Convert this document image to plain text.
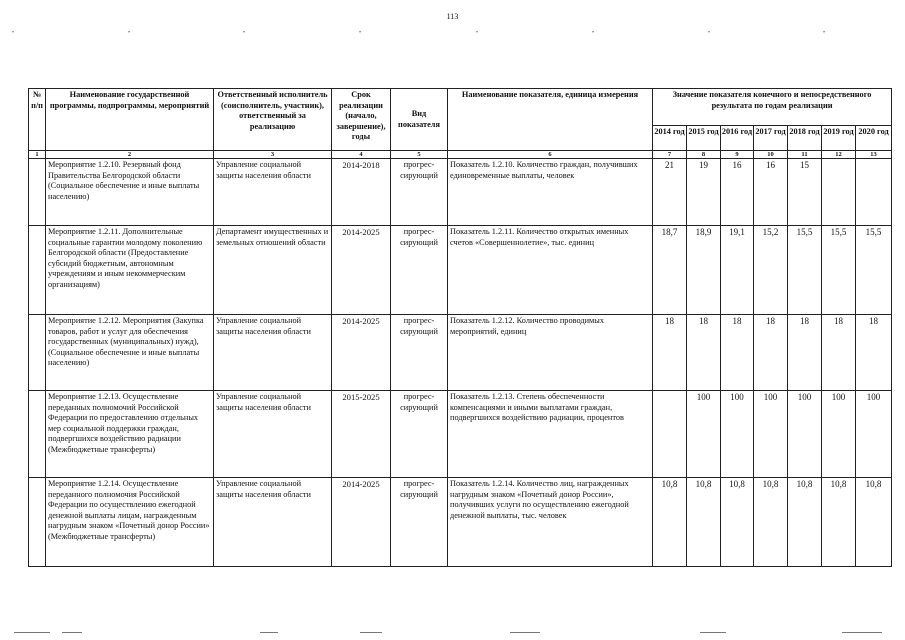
113
•	•	•	•	•	•	•	•
№ п/п	Наименование государственной программы, подпрограммы, мероприятий	Ответственный исполнитель (соисполнитель, участник), ответственный за реализацию	Срок реализации (начало, завершение), годы	Вид показателя	Наименование показателя, единица измерения	Значение показателя конечного и непосредственного результата по годам реализации						
						2014 год	2015 год	2016 год	2017 год	2018 год	2019 год	2020 год
1	2	3	4	5	6	7	8	9	10	11	12	13
	Мероприятие 1.2.10. Резервный фонд Правительства Белгородской области (Социальное обеспечение и иные выплаты населению)	Управление социальной защиты населения области	2014-2018	прогрес-сирующий	Показатель 1.2.10. Количество граждан, получивших единовременные выплаты, человек	21	19	16	16	15		
	Мероприятие 1.2.11. Дополнительные социальные гарантии молодому поколению Белгородской области (Предоставление субсидий бюджетным, автономным учреждениям и иным некоммерческим организациям)	Департамент имущественных и земельных отношений области	2014-2025	прогрес-сирующий	Показатель 1.2.11. Количество открытых именных счетов «Совершеннолетие», тыс. единиц	18,7	18,9	19,1	15,2	15,5	15,5	15,5
	Мероприятие 1.2.12. Мероприятия (Закупка товаров, работ и услуг для обеспечения государственных (муниципальных) нужд), (Социальное обеспечение и иные выплаты населению)	Управление социальной защиты населения области	2014-2025	прогрес-сирующий	Показатель 1.2.12. Количество проводимых мероприятий, единиц	18	18	18	18	18	18	18
	Мероприятие 1.2.13. Осуществление переданных полномочий Российской Федерации по предоставлению отдельных мер социальной поддержки граждан, подвергшихся воздействию радиации (Межбюджетные трансферты)	Управление социальной защиты населения области	2015-2025	прогрес-сирующий	Показатель 1.2.13. Степень обеспеченности компенсациями и иными выплатами граждан, подвергшихся воздействию радиации, процентов		100	100	100	100	100	100
	Мероприятие 1.2.14. Осуществление переданного полномочия Российской Федерации по осуществлению ежегодной денежной выплаты лицам, награжденным нагрудным знаком «Почетный донор России» (Межбюджетные трансферты)	Управление социальной защиты населения области	2014-2025	прогрес-сирующий	Показатель 1.2.14. Количество лиц, награжденных нагрудным знаком «Почетный донор России», получивших услуги по осуществлению ежегодной денежной выплаты, тыс. человек	10,8	10,8	10,8	10,8	10,8	10,8	10,8
